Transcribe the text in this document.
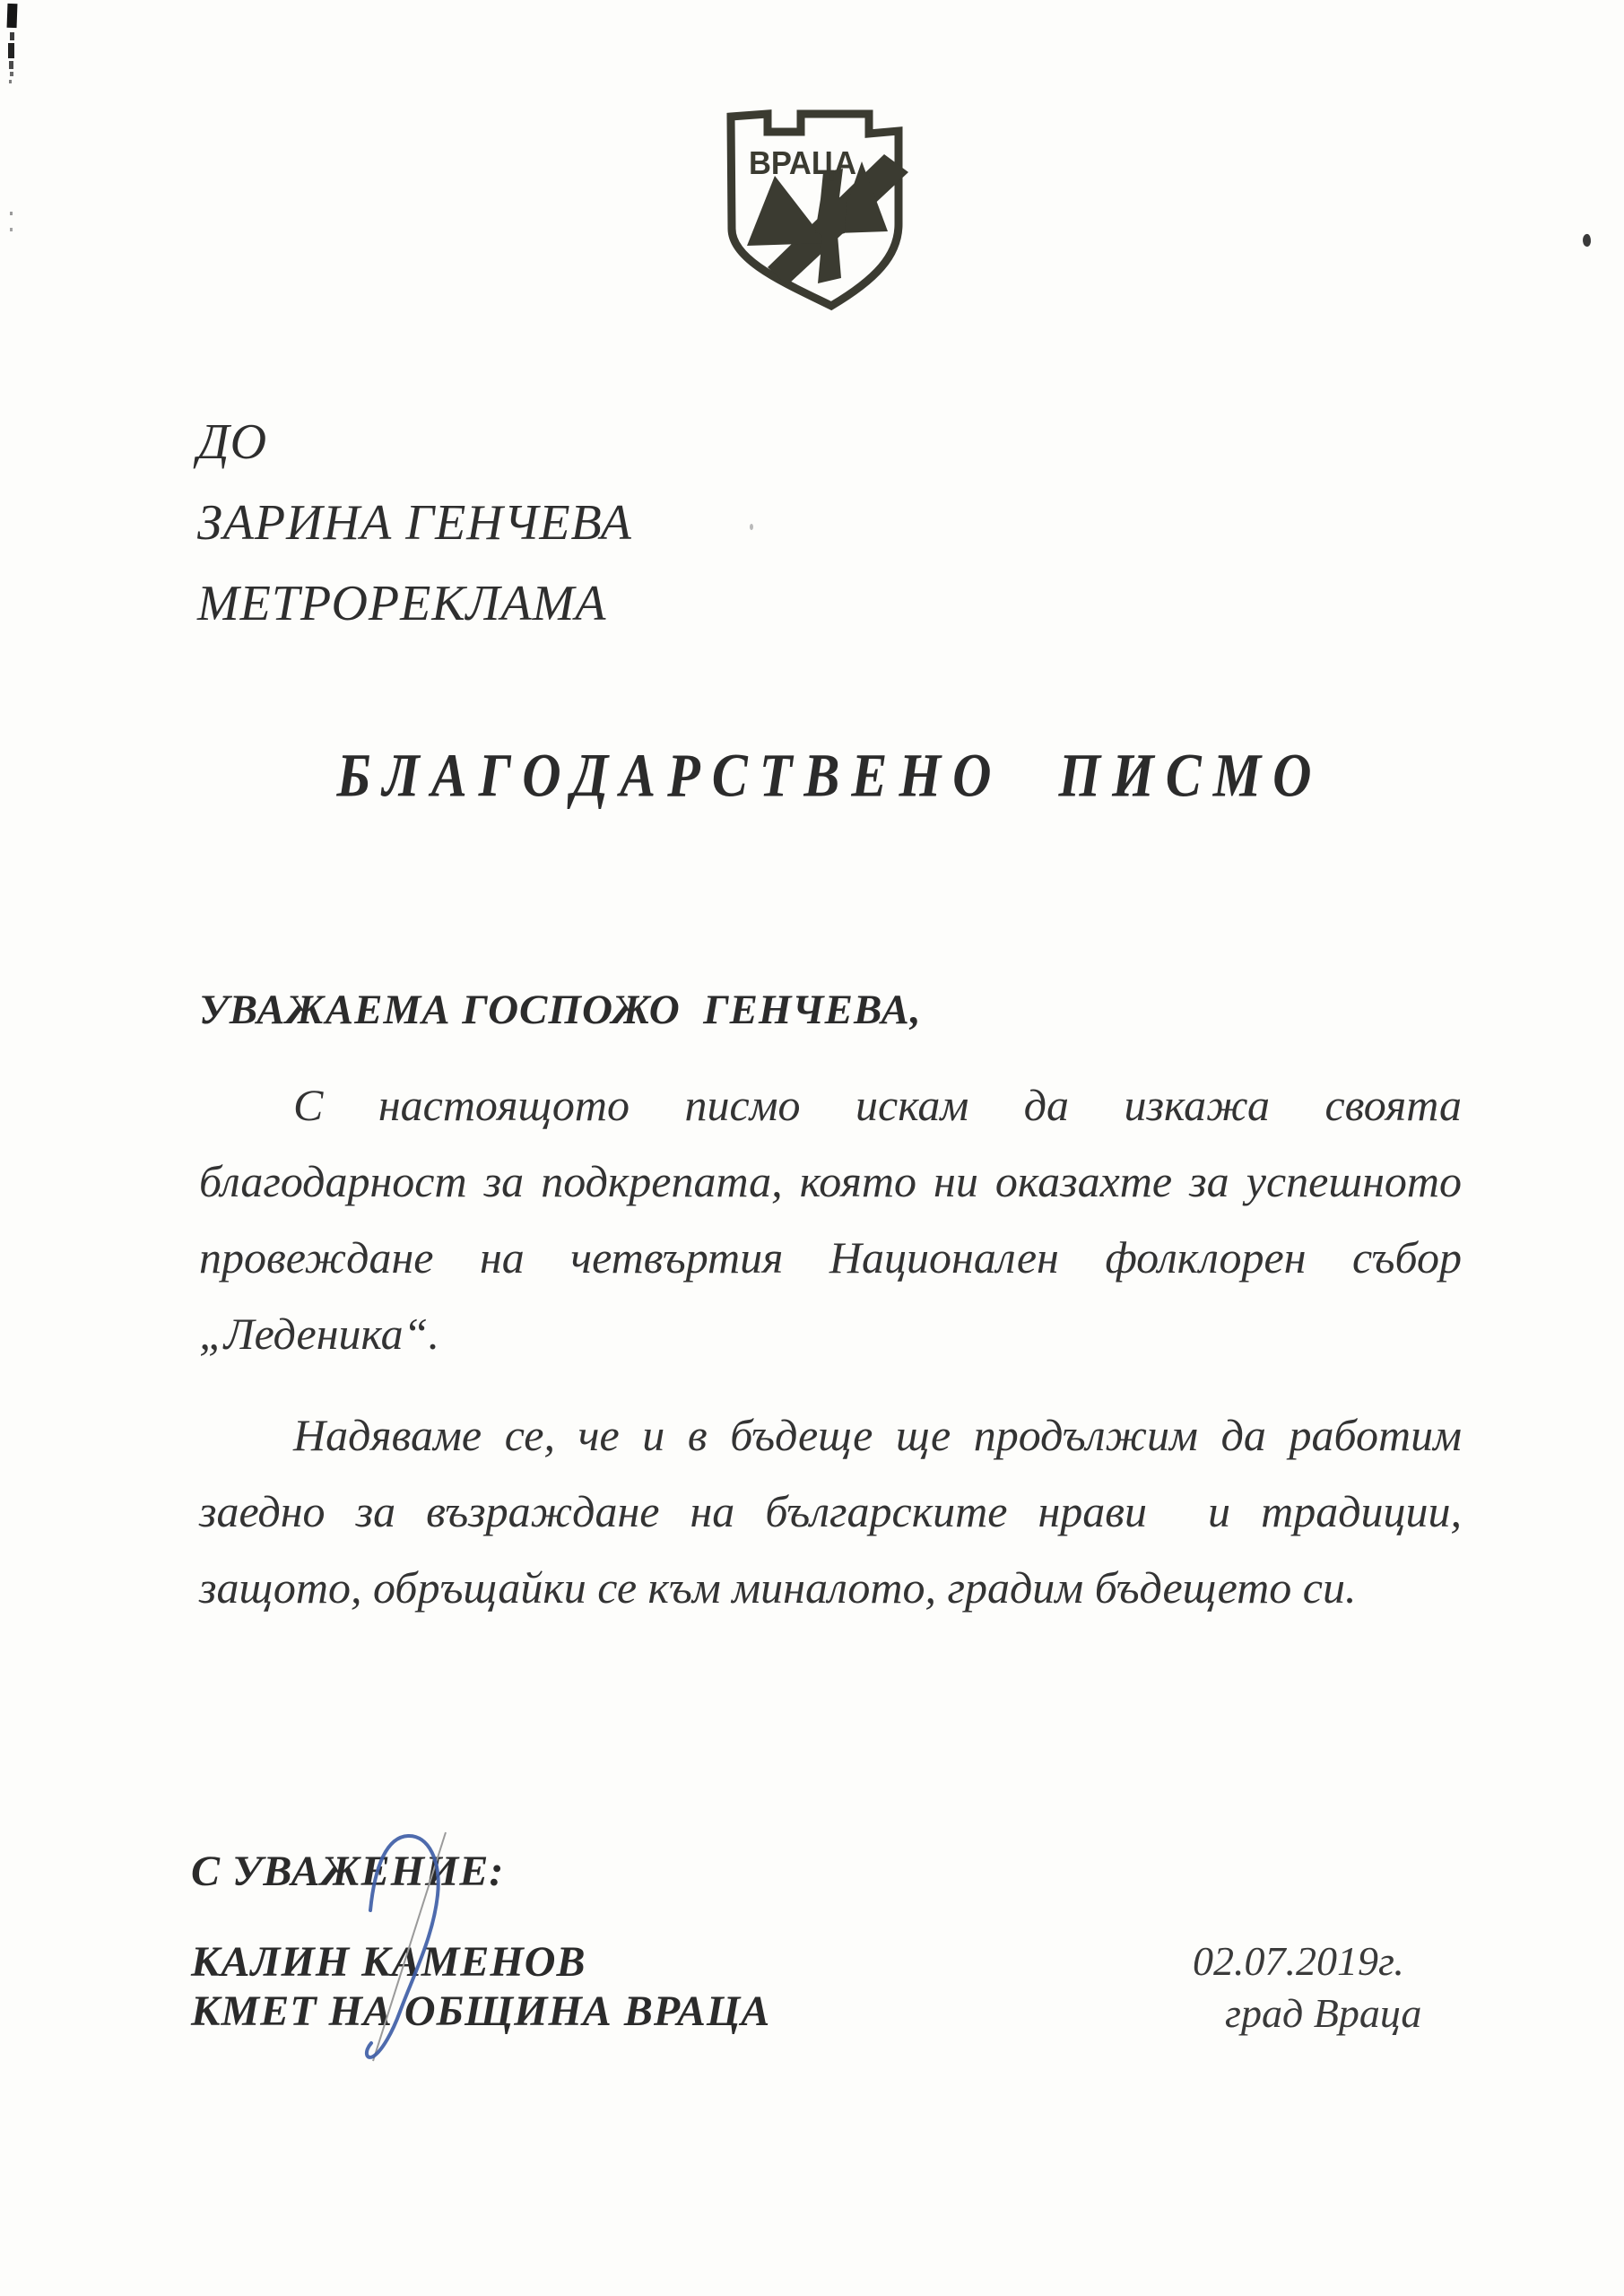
ВРАЦА
ДО
ЗАРИНА ГЕНЧЕВА
МЕТРОРЕКЛАМА
БЛАГОДАРСТВЕНО ПИСМО
УВАЖАЕМА ГОСПОЖО  ГЕНЧЕВА,
С настоящото писмо искам да изкажа своята
благодарност за подкрепата, която ни оказахте за успешното
провеждане на четвъртия Национален фолклорен събор
„Леденика“.
Надяваме се, че и в бъдеще ще продължим да работим
заедно за възраждане на българските нрави  и традиции,
защото, обръщайки се към миналото, градим бъдещето си.
С УВАЖЕНИЕ:
КАЛИН КАМЕНОВ
КМЕТ НА ОБЩИНА ВРАЦА
02.07.2019г.
град Враца
